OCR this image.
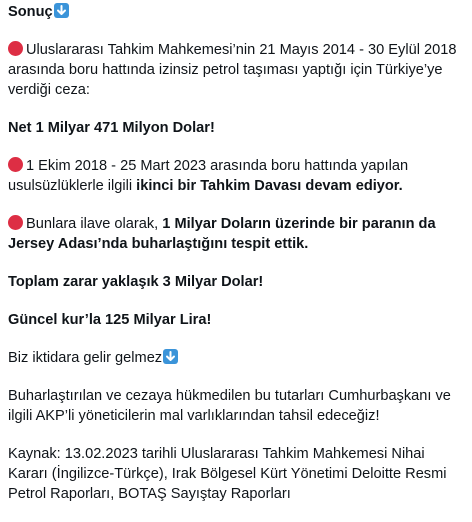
Sonuç
Uluslararası Tahkim Mahkemesi’nin 21 Mayıs 2014 - 30 Eylül 2018 arasında boru hattında izinsiz petrol taşıması yaptığı için Türkiye’ye verdiği ceza:
Net 1 Milyar 471 Milyon Dolar!
1 Ekim 2018 - 25 Mart 2023 arasında boru hattında yapılan usulsüzlüklerle ilgili ikinci bir Tahkim Davası devam ediyor.
Bunlara ilave olarak, 1 Milyar Doların üzerinde bir paranın da Jersey Adası’nda buharlaştığını tespit ettik.
Toplam zarar yaklaşık 3 Milyar Dolar!
Güncel kur’la 125 Milyar Lira!
Biz iktidara gelir gelmez
Buharlaştırılan ve cezaya hükmedilen bu tutarları Cumhurbaşkanı ve ilgili AKP’li yöneticilerin mal varlıklarından tahsil edeceğiz!
Kaynak: 13.02.2023 tarihli Uluslararası Tahkim Mahkemesi Nihai Kararı (İngilizce-Türkçe), Irak Bölgesel Kürt Yönetimi Deloitte Resmi Petrol Raporları, BOTAŞ Sayıştay Raporları
